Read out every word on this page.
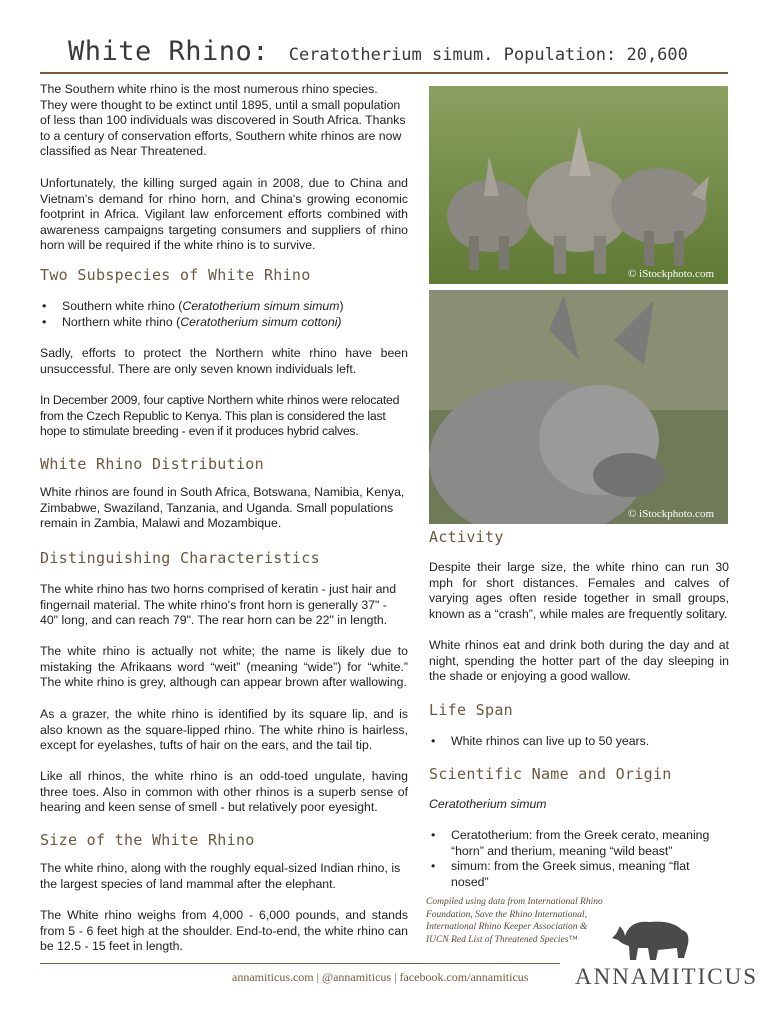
White Rhino: Ceratotherium simum. Population: 20,600

The Southern white rhino is the most numerous rhino species. They were thought to be extinct until 1895, until a small population of less than 100 individuals was discovered in South Africa. Thanks to a century of conservation efforts, Southern white rhinos are now classified as Near Threatened.

Unfortunately, the killing surged again in 2008, due to China and Vietnam's demand for rhino horn, and China's growing economic footprint in Africa. Vigilant law enforcement efforts combined with awareness campaigns targeting consumers and suppliers of rhino horn will be required if the white rhino is to survive.

Two Subspecies of White Rhino
• Southern white rhino (Ceratotherium simum simum)
• Northern white rhino (Ceratotherium simum cottoni)

Sadly, efforts to protect the Northern white rhino have been unsuccessful. There are only seven known individuals left.

In December 2009, four captive Northern white rhinos were relocated from the Czech Republic to Kenya. This plan is considered the last hope to stimulate breeding - even if it produces hybrid calves.

White Rhino Distribution

White rhinos are found in South Africa, Botswana, Namibia, Kenya, Zimbabwe, Swaziland, Tanzania, and Uganda. Small populations remain in Zambia, Malawi and Mozambique.

Distinguishing Characteristics

The white rhino has two horns comprised of keratin - just hair and fingernail material. The white rhino's front horn is generally 37" - 40" long, and can reach 79". The rear horn can be 22" in length.

The white rhino is actually not white; the name is likely due to mistaking the Afrikaans word “weit” (meaning “wide”) for “white.” The white rhino is grey, although can appear brown after wallowing.

As a grazer, the white rhino is identified by its square lip, and is also known as the square-lipped rhino. The white rhino is hairless, except for eyelashes, tufts of hair on the ears, and the tail tip.

Like all rhinos, the white rhino is an odd-toed ungulate, having three toes. Also in common with other rhinos is a superb sense of hearing and keen sense of smell - but relatively poor eyesight.

Size of the White Rhino

The white rhino, along with the roughly equal-sized Indian rhino, is the largest species of land mammal after the elephant.

The White rhino weighs from 4,000 - 6,000 pounds, and stands from 5 - 6 feet high at the shoulder. End-to-end, the white rhino can be 12.5 - 15 feet in length.

© iStockphoto.com
© iStockphoto.com
Activity

Despite their large size, the white rhino can run 30 mph for short distances. Females and calves of varying ages often reside together in small groups, known as a “crash”, while males are frequently solitary.

White rhinos eat and drink both during the day and at night, spending the hotter part of the day sleeping in the shade or enjoying a good wallow.

Life Span
• White rhinos can live up to 50 years.
Scientific Name and Origin

Ceratotherium simum

• Ceratotherium: from the Greek cerato, meaning “horn” and therium, meaning “wild beast”
• simum: from the Greek simus, meaning “flat nosed”

Compiled using data from International Rhino Foundation, Save the Rhino International, International Rhino Keeper Association & IUCN Red List of Threatened Species™

ANNAMITICUS
annamiticus.com | @annamiticus | facebook.com/annamiticus
